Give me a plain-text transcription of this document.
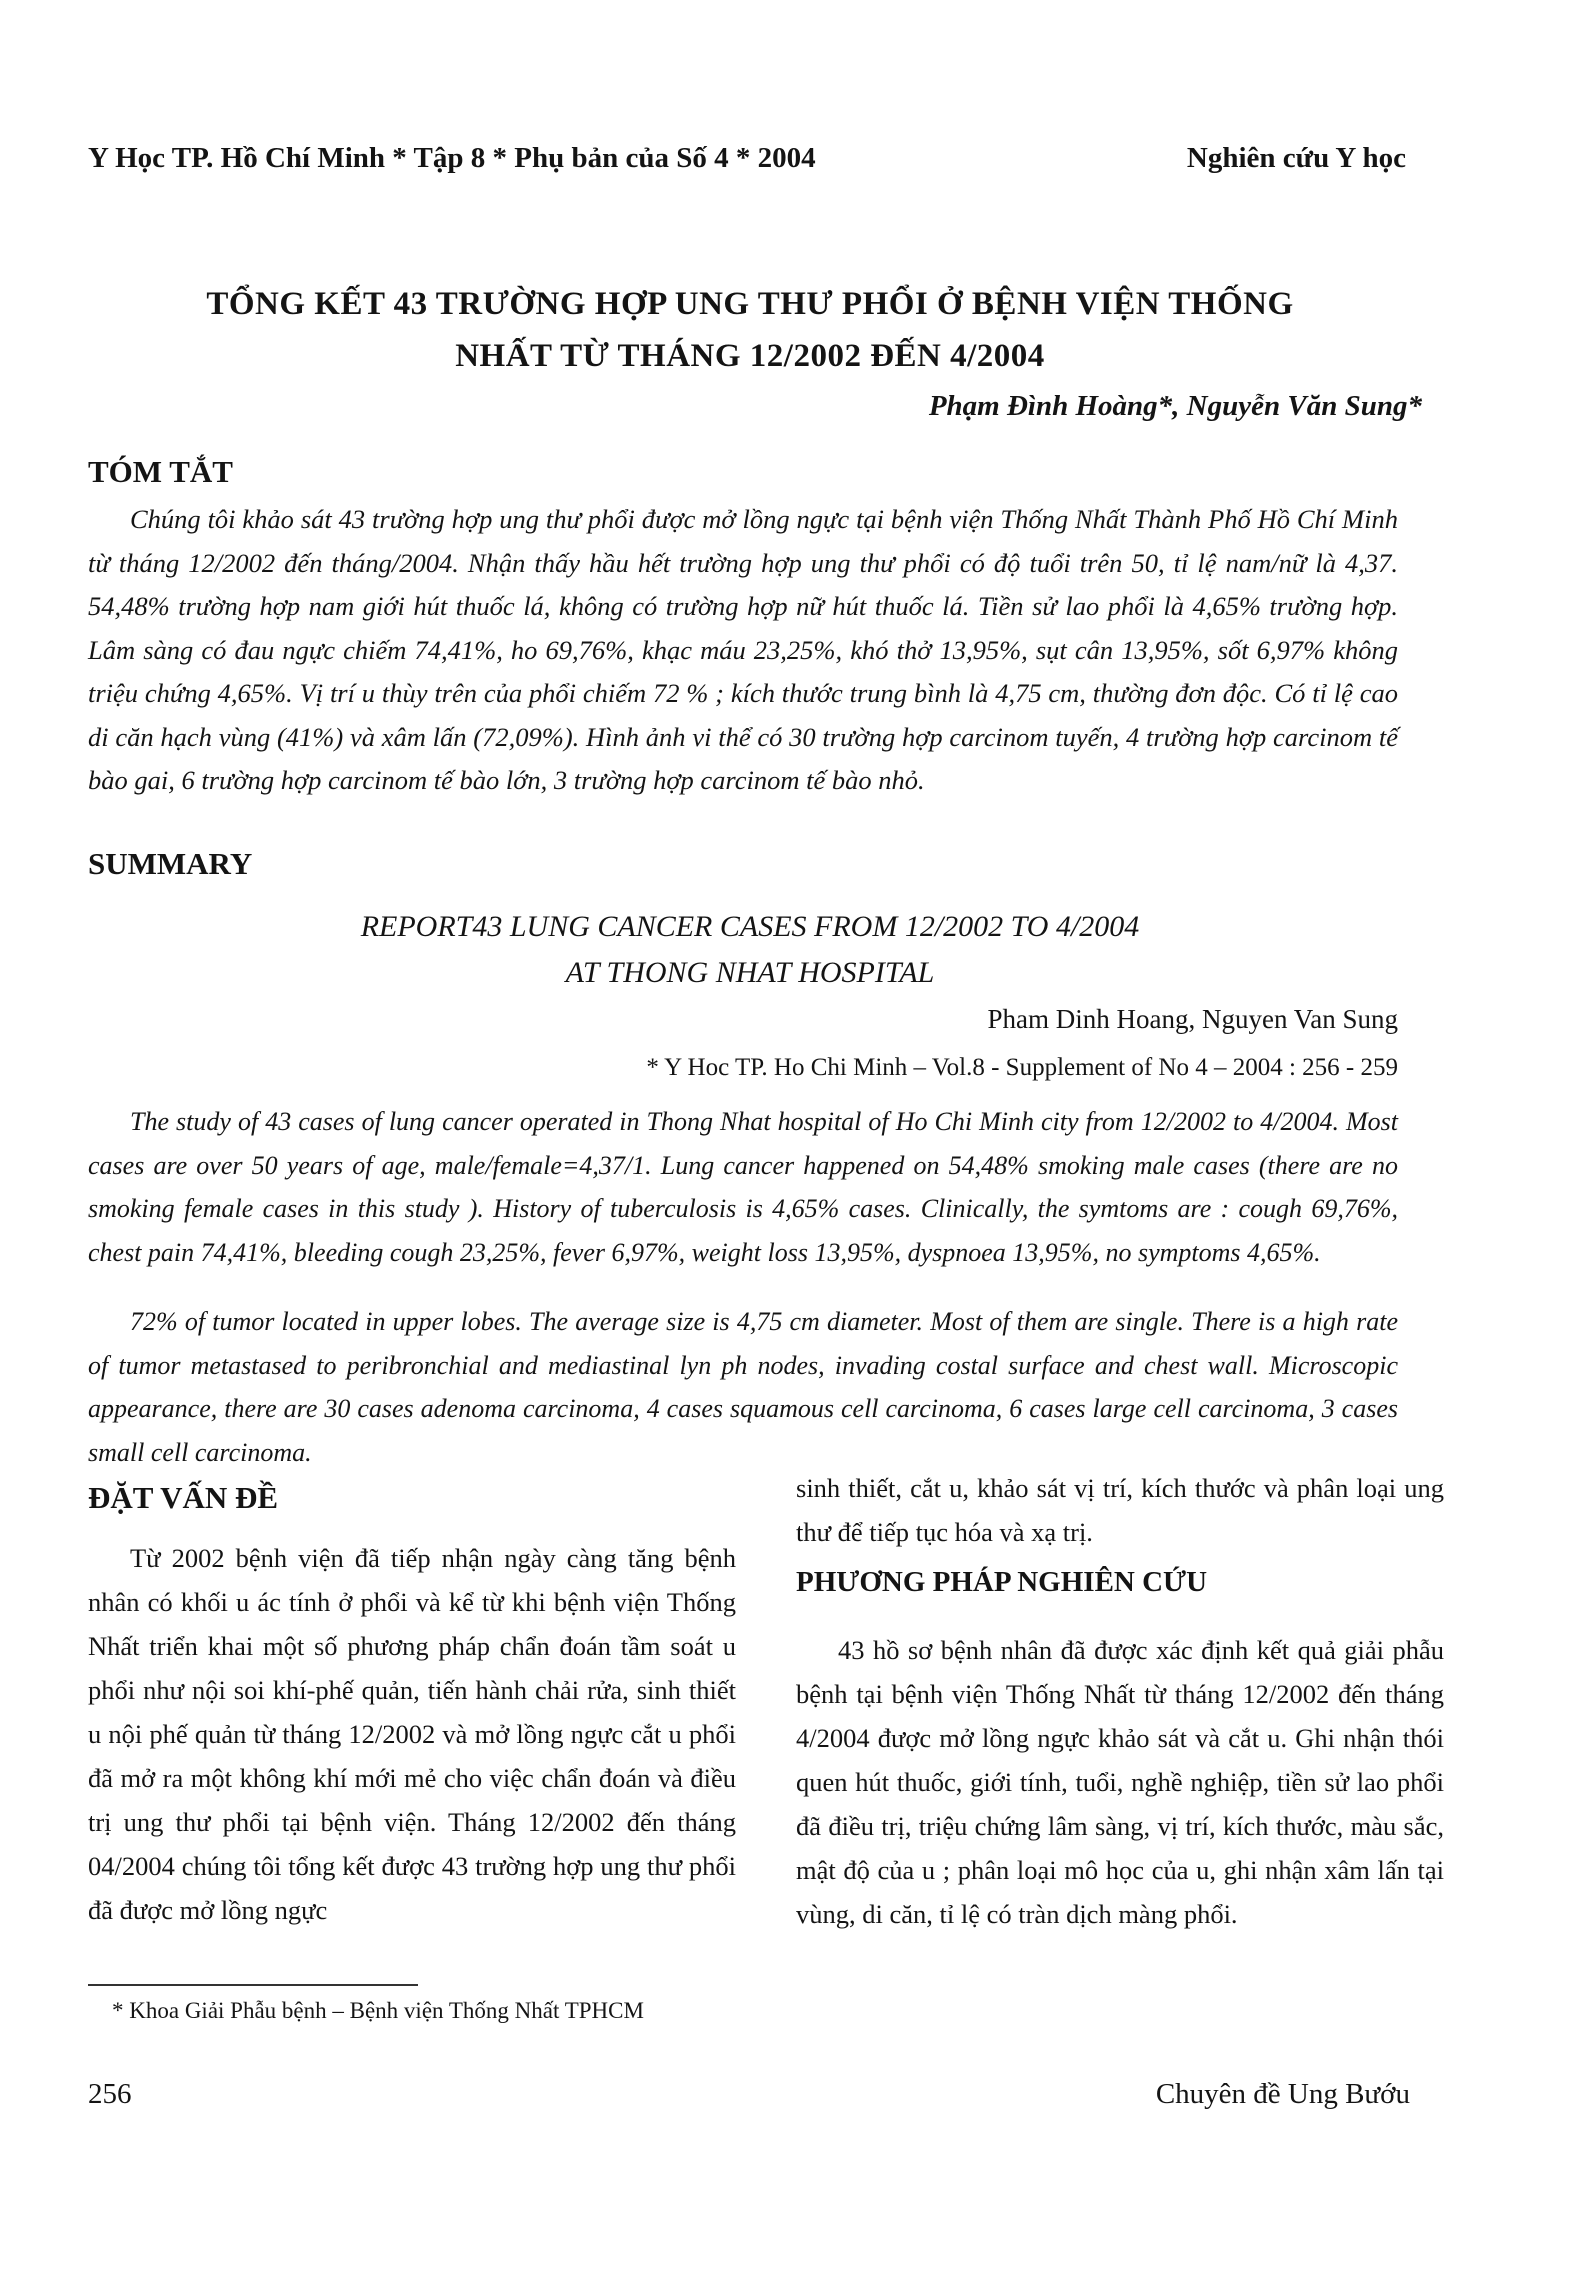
Y Học TP. Hồ Chí Minh * Tập 8 * Phụ bản của Số 4 * 2004	Nghiên cứu Y học
TỔNG KẾT 43 TRƯỜNG HỢP UNG THƯ PHỔI Ở BỆNH VIỆN THỐNG
NHẤT TỪ THÁNG 12/2002 ĐẾN 4/2004
Phạm Đình Hoàng*, Nguyễn Văn Sung*
TÓM TẮT

Chúng tôi khảo sát 43 trường hợp ung thư phổi được mở lồng ngực tại bệnh viện Thống Nhất Thành Phố Hồ Chí Minh từ tháng 12/2002 đến tháng/2004. Nhận thấy hầu hết trường hợp ung thư phổi có độ tuổi trên 50, tỉ lệ nam/nữ là 4,37. 54,48% trường hợp nam giới hút thuốc lá, không có trường hợp nữ hút thuốc lá. Tiền sử lao phổi là 4,65% trường hợp. Lâm sàng có đau ngực chiếm 74,41%, ho 69,76%, khạc máu 23,25%, khó thở 13,95%, sụt cân 13,95%, sốt 6,97% không triệu chứng 4,65%. Vị trí u thùy trên của phổi chiếm 72 % ; kích thước trung bình là 4,75 cm, thường đơn độc. Có tỉ lệ cao di căn hạch vùng (41%) và xâm lấn (72,09%). Hình ảnh vi thể có 30 trường hợp carcinom tuyến, 4 trường hợp carcinom tế bào gai, 6 trường hợp carcinom tế bào lớn, 3 trường hợp carcinom tế bào nhỏ.

SUMMARY
REPORT43 LUNG CANCER CASES FROM 12/2002 TO 4/2004
AT THONG NHAT HOSPITAL
Pham Dinh Hoang, Nguyen Van Sung
* Y Hoc TP. Ho Chi Minh – Vol.8 - Supplement of No 4 – 2004 : 256 - 259

The study of 43 cases of lung cancer operated in Thong Nhat hospital of Ho Chi Minh city from 12/2002 to 4/2004. Most cases are over 50 years of age, male/female=4,37/1. Lung cancer happened on 54,48% smoking male cases (there are no smoking female cases in this study ). History of tuberculosis is 4,65% cases. Clinically, the symtoms are : cough 69,76%, chest pain 74,41%, bleeding cough 23,25%, fever 6,97%, weight loss 13,95%, dyspnoea 13,95%, no symptoms 4,65%.

72% of tumor located in upper lobes. The average size is 4,75 cm diameter. Most of them are single. There is a high rate of tumor metastased to peribronchial and mediastinal lyn ph nodes, invading costal surface and chest wall. Microscopic appearance, there are 30 cases adenoma carcinoma, 4 cases squamous cell carcinoma, 6 cases large cell carcinoma, 3 cases small cell carcinoma.

ĐẶT VẤN ĐỀ

Từ 2002 bệnh viện đã tiếp nhận ngày càng tăng bệnh nhân có khối u ác tính ở phổi và kể từ khi bệnh viện Thống Nhất triển khai một số phương pháp chẩn đoán tầm soát u phổi như nội soi khí-phế quản, tiến hành chải rửa, sinh thiết u nội phế quản từ tháng 12/2002 và mở lồng ngực cắt u phổi đã mở ra một không khí mới mẻ cho việc chẩn đoán và điều trị ung thư phổi tại bệnh viện. Tháng 12/2002 đến tháng 04/2004 chúng tôi tổng kết được 43 trường hợp ung thư phổi đã được mở lồng ngực

sinh thiết, cắt u, khảo sát vị trí, kích thước và phân loại ung thư để tiếp tục hóa và xạ trị.

PHƯƠNG PHÁP NGHIÊN CỨU

43 hồ sơ bệnh nhân đã được xác định kết quả giải phẫu bệnh tại bệnh viện Thống Nhất từ tháng 12/2002 đến tháng 4/2004 được mở lồng ngực khảo sát và cắt u. Ghi nhận thói quen hút thuốc, giới tính, tuổi, nghề nghiệp, tiền sử lao phổi đã điều trị, triệu chứng lâm sàng, vị trí, kích thước, màu sắc, mật độ của u ; phân loại mô học của u, ghi nhận xâm lấn tại vùng, di căn, tỉ lệ có tràn dịch màng phổi.

* Khoa Giải Phẫu bệnh – Bệnh viện Thống Nhất TPHCM
256	Chuyên đề Ung Bướu
